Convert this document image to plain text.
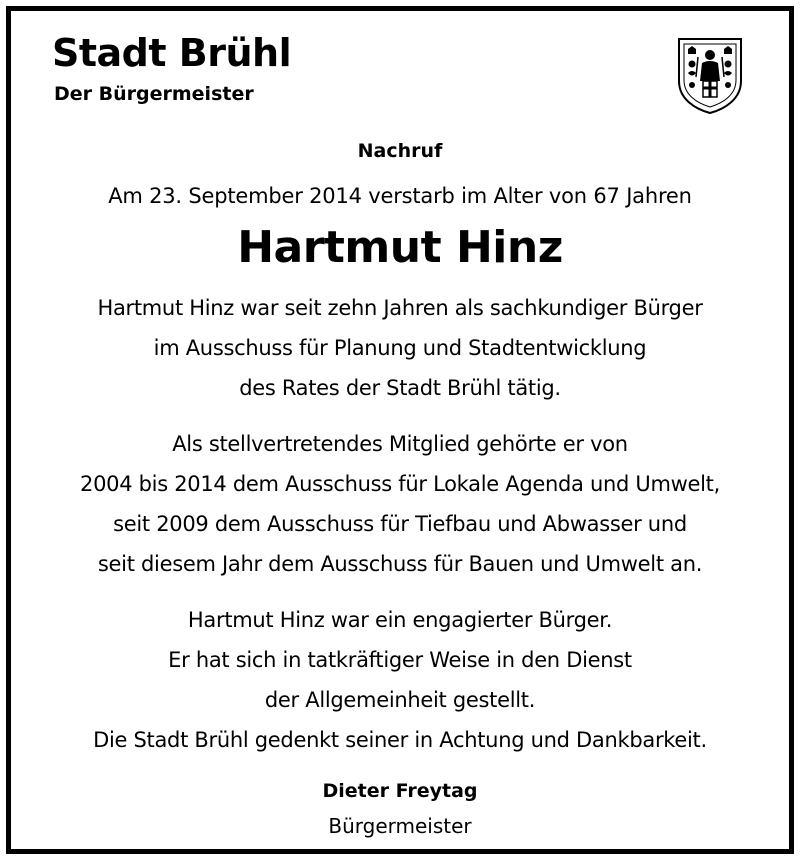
Stadt Brühl
Der Bürgermeister
Nachruf
Am 23. September 2014 verstarb im Alter von 67 Jahren
Hartmut Hinz
Hartmut Hinz war seit zehn Jahren als sachkundiger Bürger
im Ausschuss für Planung und Stadtentwicklung
des Rates der Stadt Brühl tätig.
Als stellvertretendes Mitglied gehörte er von
2004 bis 2014 dem Ausschuss für Lokale Agenda und Umwelt,
seit 2009 dem Ausschuss für Tiefbau und Abwasser und
seit diesem Jahr dem Ausschuss für Bauen und Umwelt an.
Hartmut Hinz war ein engagierter Bürger.
Er hat sich in tatkräftiger Weise in den Dienst
der Allgemeinheit gestellt.
Die Stadt Brühl gedenkt seiner in Achtung und Dankbarkeit.
Dieter Freytag
Bürgermeister
